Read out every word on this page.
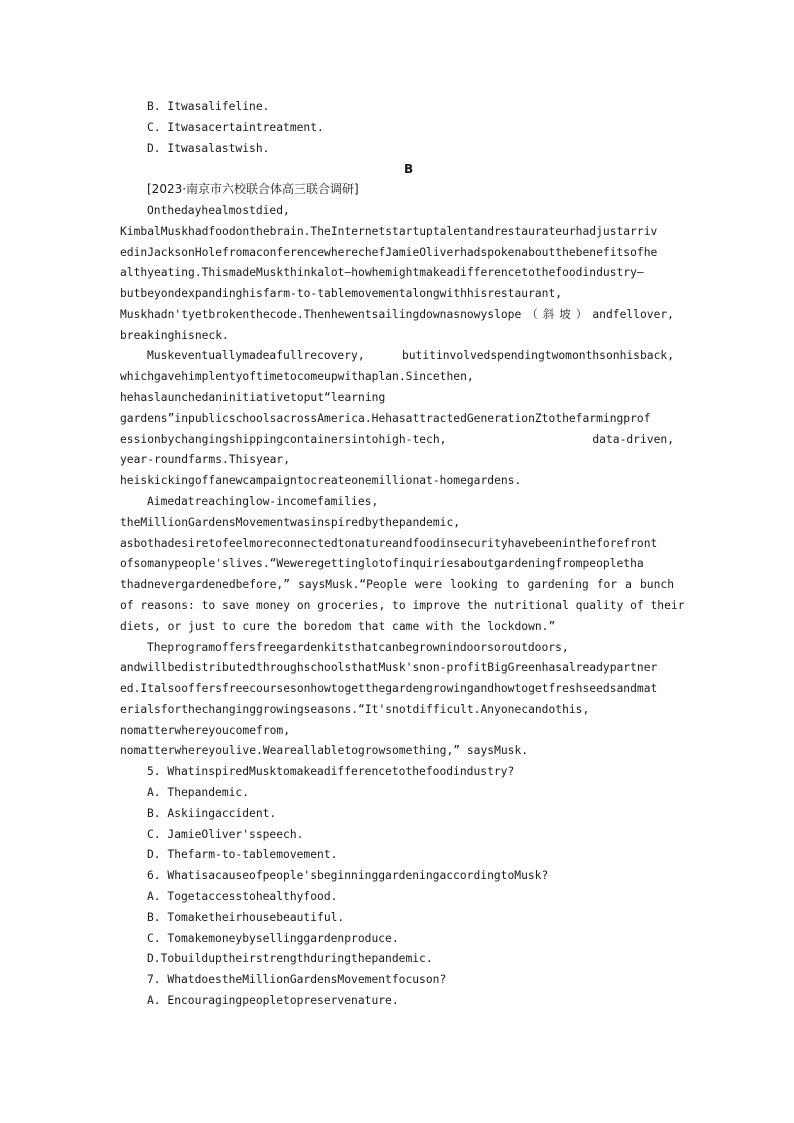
B. Itwasalifeline.
C. Itwasacertaintreatment.
D. Itwasalastwish.
B
[2023·南京市六校联合体高三联合调研]
Onthedayhealmostdied,
KimbalMuskhadfoodonthebrain.TheInternetstartuptalentandrestaurateurhadjustarriv
edinJacksonHolefromaconferencewherechefJamieOliverhadspokenaboutthebenefitsofhe
althyeating.ThismadeMuskthinkalot—howhemightmakeadifferencetothefoodindustry—
butbeyondexpandinghisfarm-to-tablemovementalongwithhisrestaurant,
Muskhadn'tyetbrokenthecode.Thenhewentsailingdownasnowyslope（斜坡）andfellover,
breakinghisneck.
Muskeventuallymadeafullrecovery,	butitinvolvedspendingtwomonthsonhisback,
whichgavehimplentyoftimetocomeupwithaplan.Sincethen,
hehaslaunchedaninitiativetoput“learning
gardens”inpublicschoolsacrossAmerica.HehasattractedGenerationZtothefarmingprof
essionbychangingshippingcontainersintohigh-tech,	data-driven,
year-roundfarms.Thisyear,
heiskickingoffanewcampaigntocreateonemillionat-homegardens.
Aimedatreachinglow-incomefamilies,
theMillionGardensMovementwasinspiredbythepandemic,
asbothadesiretofeelmoreconnectedtonatureandfoodinsecurityhavebeenintheforefront
ofsomanypeople'slives.“Weweregettinglotofinquiriesaboutgardeningfrompeoplethа
thadnevergardenedbefore,” saysMusk.“People were looking to gardening for a bunch
of reasons: to save money on groceries, to improve the nutritional quality of their
diets, or just to cure the boredom that came with the lockdown.”
Theprogramoffersfreegardenkitsthatcanbegrownindoorsoroutdoors,
andwillbedistributedthroughschoolsthatMusk'snon-profitBigGreenhasalreadypartner
ed.Italsooffersfreecoursesonhowtogetthegardengrowingandhowtogetfreshseedsandmat
erialsforthechanginggrowingseasons.“It'snotdifficult.Anyonecandothis,
nomatterwhereyoucomefrom,
nomatterwhereyoulive.Weareallabletogrowsomething,” saysMusk.
5. WhatinspiredMusktomakeadifferencetothefoodindustry?
A. Thepandemic.
B. Askiingaccident.
C. JamieOliver'sspeech.
D. Thefarm-to-tablemovement.
6. Whatisacauseofpeople'sbeginninggardeningaccordingtoMusk?
A. Togetaccesstohealthyfood.
B. Tomaketheirhousebeautiful.
C. Tomakemoneybysellinggardenproduce.
D.Tobuilduptheirstrengthduringthepandemic.
7. WhatdoestheMillionGardensMovementfocuson?
A. Encouragingpeopletopreservenature.
